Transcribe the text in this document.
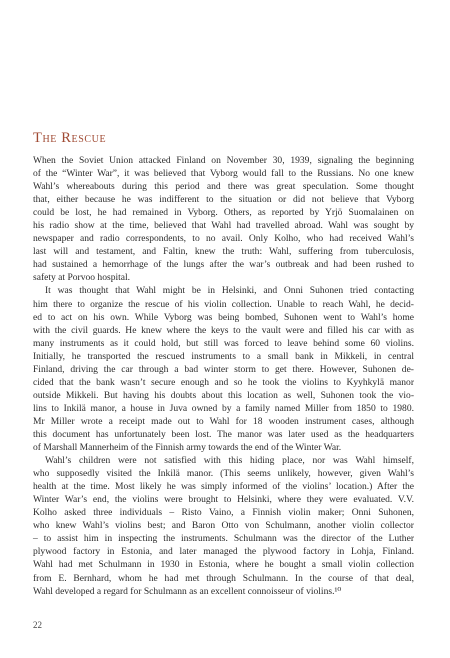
The Rescue
When the Soviet Union attacked Finland on November 30, 1939, signaling the beginning
of the “Winter War”, it was believed that Vyborg would fall to the Russians. No one knew
Wahl’s whereabouts during this period and there was great speculation. Some thought
that, either because he was indifferent to the situation or did not believe that Vyborg
could be lost, he had remained in Vyborg. Others, as reported by Yrjö Suomalainen on
his radio show at the time, believed that Wahl had travelled abroad. Wahl was sought by
newspaper and radio correspondents, to no avail. Only Kolho, who had received Wahl’s
last will and testament, and Faltin, knew the truth: Wahl, suffering from tuberculosis,
had sustained a hemorrhage of the lungs after the war’s outbreak and had been rushed to
safety at Porvoo hospital.
It was thought that Wahl might be in Helsinki, and Onni Suhonen tried contacting
him there to organize the rescue of his violin collection. Unable to reach Wahl, he decid-
ed to act on his own. While Vyborg was being bombed, Suhonen went to Wahl’s home
with the civil guards. He knew where the keys to the vault were and filled his car with as
many instruments as it could hold, but still was forced to leave behind some 60 violins.
Initially, he transported the rescued instruments to a small bank in Mikkeli, in central
Finland, driving the car through a bad winter storm to get there. However, Suhonen de-
cided that the bank wasn’t secure enough and so he took the violins to Kyyhkylä manor
outside Mikkeli. But having his doubts about this location as well, Suhonen took the vio-
lins to Inkilä manor, a house in Juva owned by a family named Miller from 1850 to 1980.
Mr Miller wrote a receipt made out to Wahl for 18 wooden instrument cases, although
this document has unfortunately been lost. The manor was later used as the headquarters
of Marshall Mannerheim of the Finnish army towards the end of the Winter War.
Wahl’s children were not satisfied with this hiding place, nor was Wahl himself,
who supposedly visited the Inkilä manor. (This seems unlikely, however, given Wahl’s
health at the time. Most likely he was simply informed of the violins’ location.) After the
Winter War’s end, the violins were brought to Helsinki, where they were evaluated. V.V.
Kolho asked three individuals – Risto Vaino, a Finnish violin maker; Onni Suhonen,
who knew Wahl’s violins best; and Baron Otto von Schulmann, another violin collector
– to assist him in inspecting the instruments. Schulmann was the director of the Luther
plywood factory in Estonia, and later managed the plywood factory in Lohja, Finland.
Wahl had met Schulmann in 1930 in Estonia, where he bought a small violin collection
from E. Bernhard, whom he had met through Schulmann. In the course of that deal,
Wahl developed a regard for Schulmann as an excellent connoisseur of violins.¹⁰
22
